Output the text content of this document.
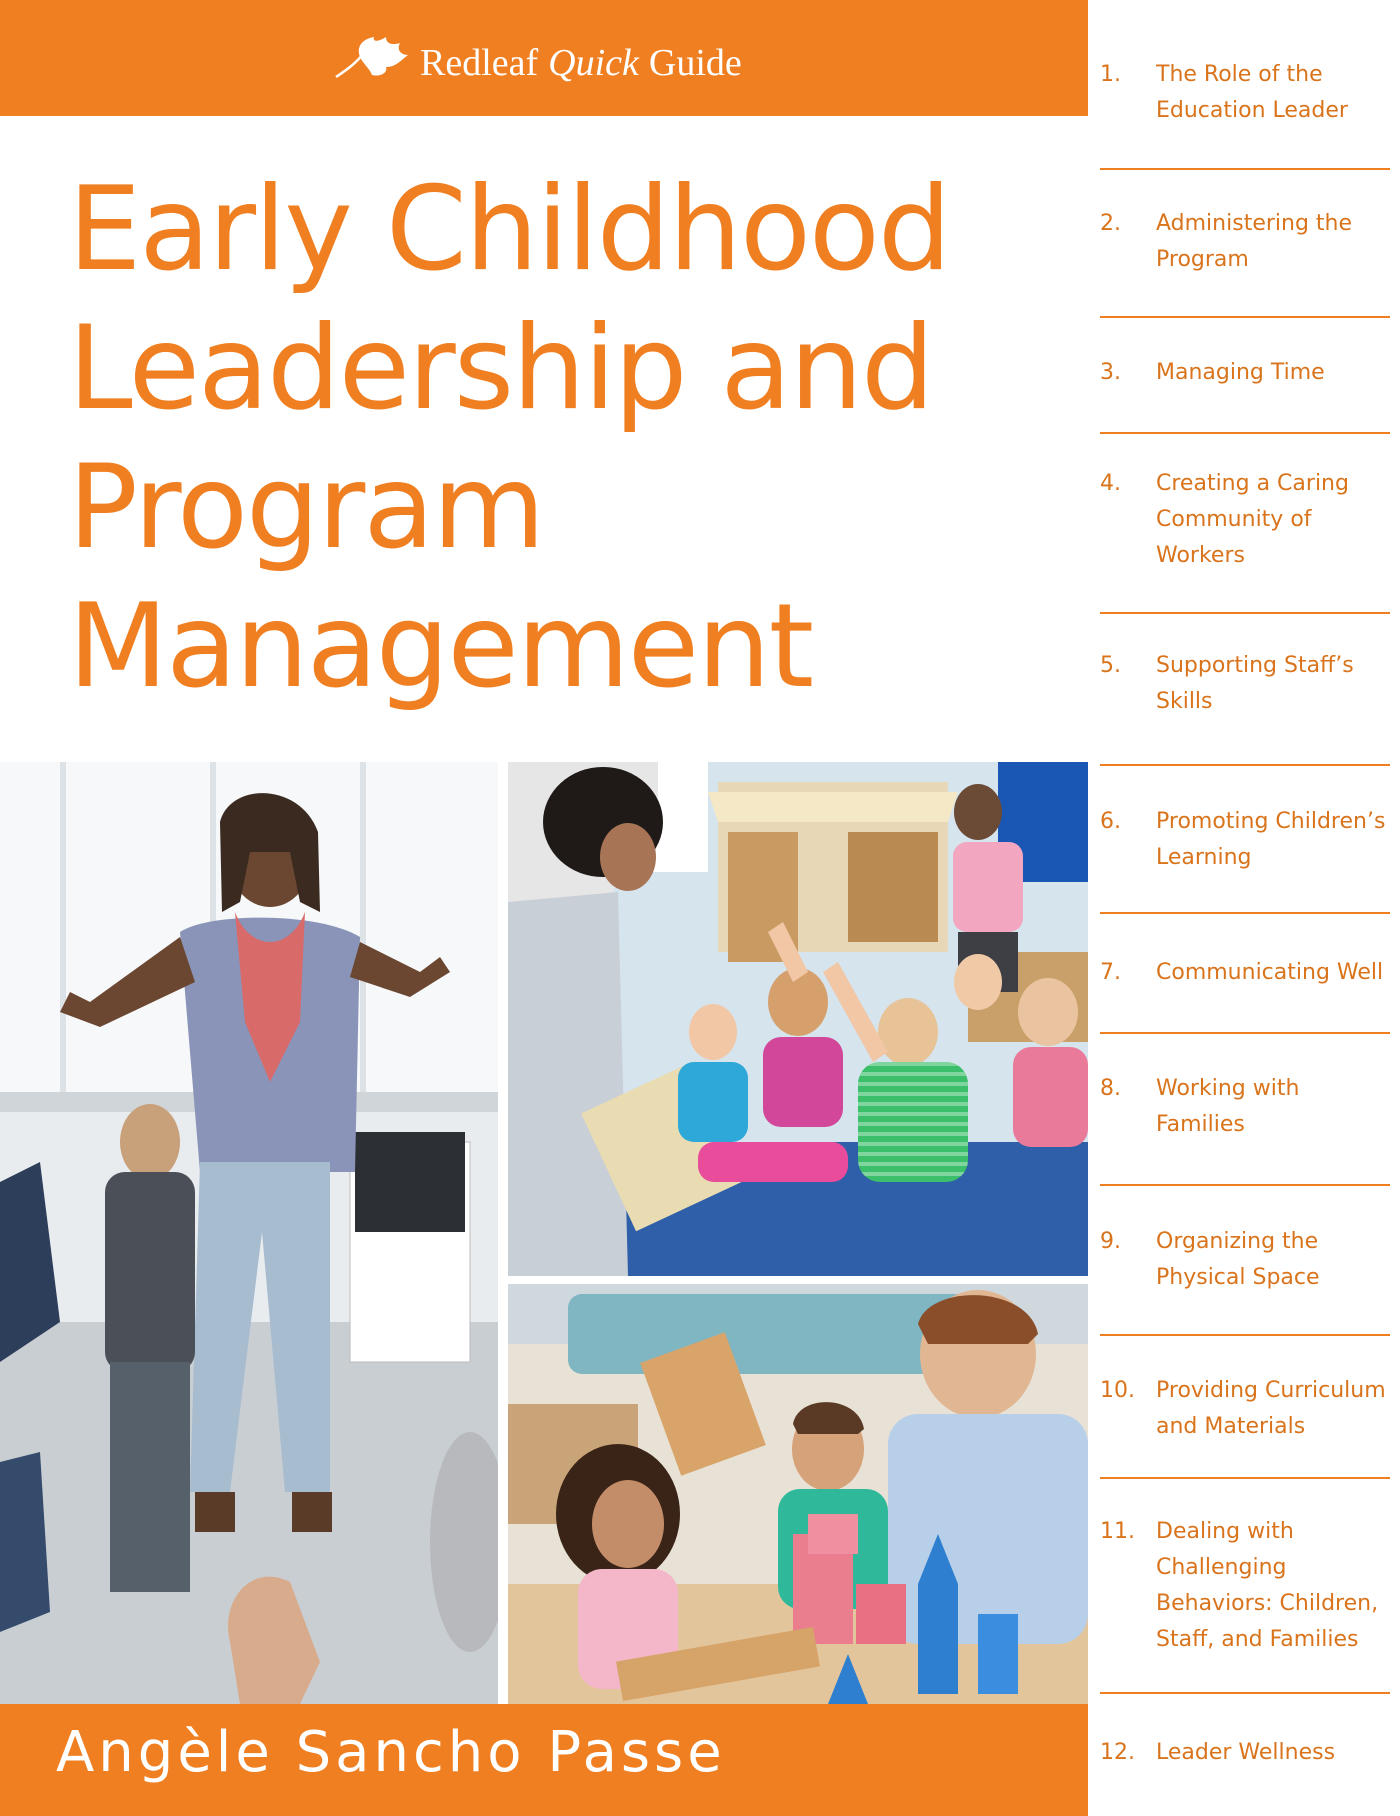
Redleaf Quick Guide
Early Childhood
Leadership and
Program
Management
Angèle Sancho Passe
1.	The Role of the Education Leader
2.	Administering the Program
3.	Managing Time
4.	Creating a Caring Community of Workers
5.	Supporting Staff’s Skills
6.	Promoting Children’s Learning
7.	Communicating Well
8.	Working with Families
9.	Organizing the Physical Space
10. Providing Curriculum and Materials
11. Dealing with Challenging Behaviors: Children, Staff, and Families
12. Leader Wellness
